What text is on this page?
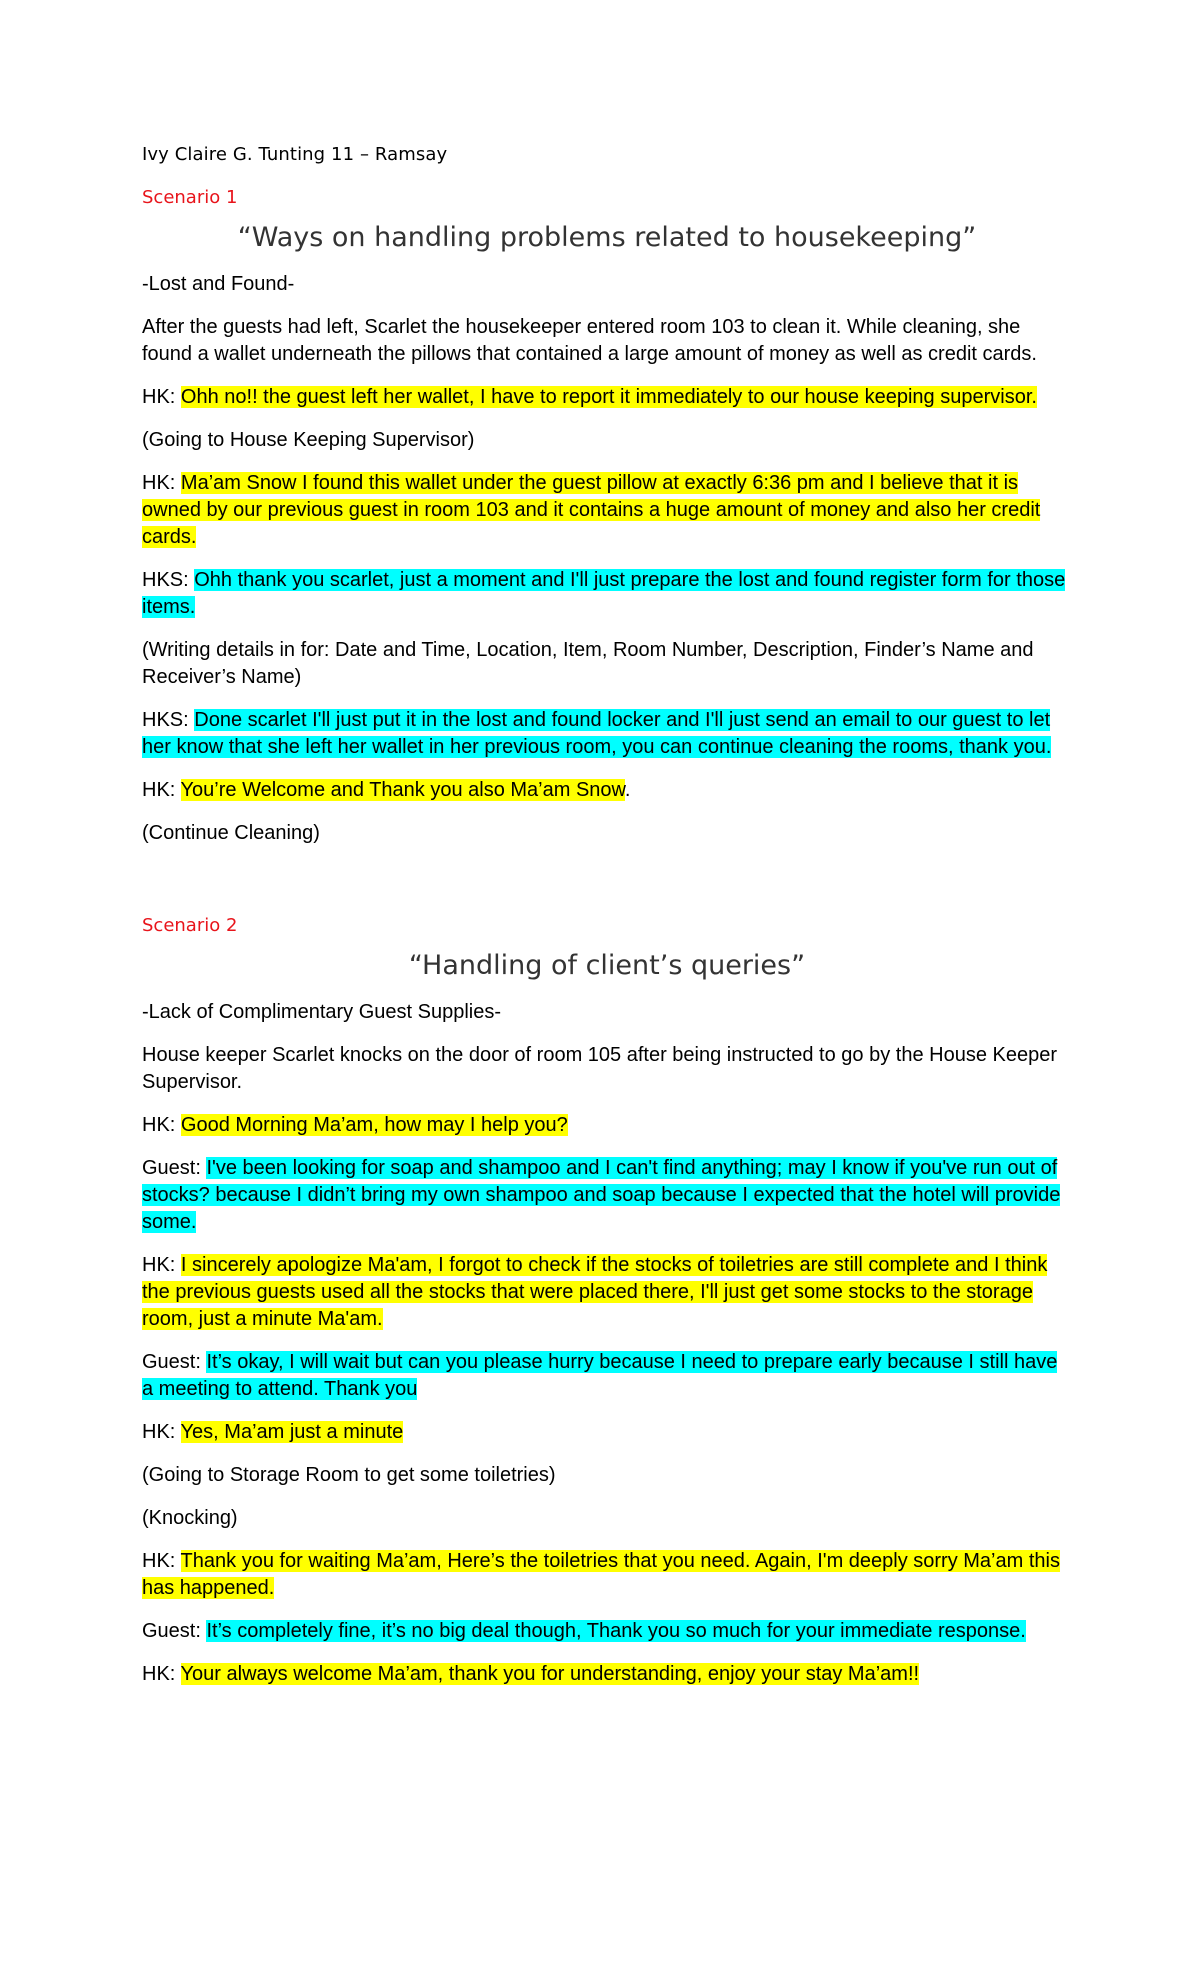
Ivy Claire G. Tunting 11 – Ramsay
Scenario 1
“Ways on handling problems related to housekeeping”

-Lost and Found-

After the guests had left, Scarlet the housekeeper entered room 103 to clean it. While cleaning, she found a wallet underneath the pillows that contained a large amount of money as well as credit cards.

HK: Ohh no!! the guest left her wallet, I have to report it immediately to our house keeping supervisor.

(Going to House Keeping Supervisor)

HK: Ma’am Snow I found this wallet under the guest pillow at exactly 6:36 pm and I believe that it is owned by our previous guest in room 103 and it contains a huge amount of money and also her credit cards.

HKS: Ohh thank you scarlet, just a moment and I'll just prepare the lost and found register form for those items.

(Writing details in for: Date and Time, Location, Item, Room Number, Description, Finder’s Name and Receiver’s Name)

HKS: Done scarlet I'll just put it in the lost and found locker and I'll just send an email to our guest to let her know that she left her wallet in her previous room, you can continue cleaning the rooms, thank you.

HK: You’re Welcome and Thank you also Ma’am Snow.

(Continue Cleaning)

Scenario 2
“Handling of client’s queries”

-Lack of Complimentary Guest Supplies-

House keeper Scarlet knocks on the door of room 105 after being instructed to go by the House Keeper Supervisor.

HK: Good Morning Ma’am, how may I help you?

Guest: I've been looking for soap and shampoo and I can't find anything; may I know if you've run out of stocks? because I didn’t bring my own shampoo and soap because I expected that the hotel will provide some.

HK: I sincerely apologize Ma'am, I forgot to check if the stocks of toiletries are still complete and I think the previous guests used all the stocks that were placed there, I'll just get some stocks to the storage room, just a minute Ma'am.

Guest: It’s okay, I will wait but can you please hurry because I need to prepare early because I still have a meeting to attend. Thank you

HK: Yes, Ma’am just a minute

(Going to Storage Room to get some toiletries)

(Knocking)

HK: Thank you for waiting Ma’am, Here’s the toiletries that you need. Again, I'm deeply sorry Ma’am this has happened.

Guest: It’s completely fine, it’s no big deal though, Thank you so much for your immediate response.

HK: Your always welcome Ma’am, thank you for understanding, enjoy your stay Ma’am!!
